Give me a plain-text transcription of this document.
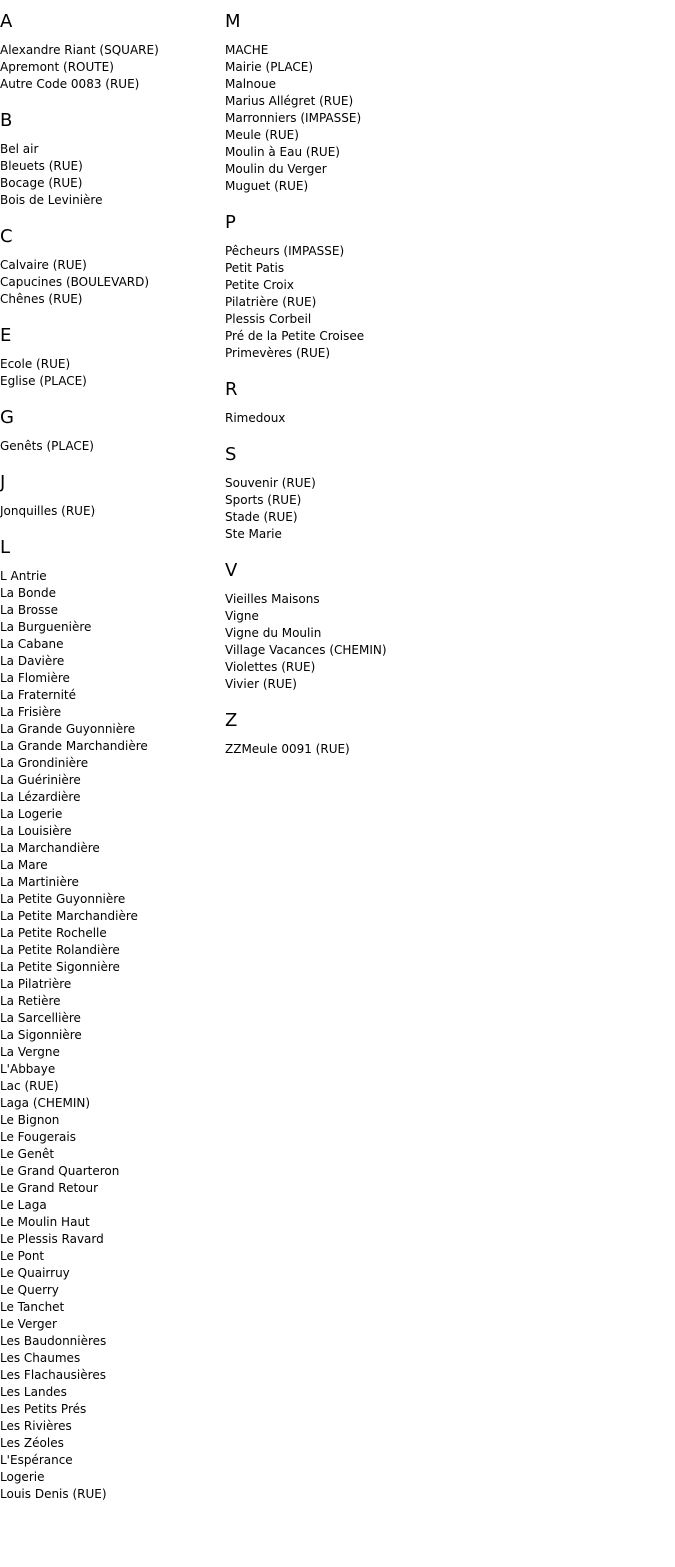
A
Alexandre Riant (SQUARE)
Apremont (ROUTE)
Autre Code 0083 (RUE)
B
Bel air
Bleuets (RUE)
Bocage (RUE)
Bois de Levinière
C
Calvaire (RUE)
Capucines (BOULEVARD)
Chênes (RUE)
E
Ecole (RUE)
Eglise (PLACE)
G
Genêts (PLACE)
J
Jonquilles (RUE)
L
L Antrie
La Bonde
La Brosse
La Burguenière
La Cabane
La Davière
La Flomière
La Fraternité
La Frisière
La Grande Guyonnière
La Grande Marchandière
La Grondinière
La Guérinière
La Lézardière
La Logerie
La Louisière
La Marchandière
La Mare
La Martinière
La Petite Guyonnière
La Petite Marchandière
La Petite Rochelle
La Petite Rolandière
La Petite Sigonnière
La Pilatrière
La Retière
La Sarcellière
La Sigonnière
La Vergne
L'Abbaye
Lac (RUE)
Laga (CHEMIN)
Le Bignon
Le Fougerais
Le Genêt
Le Grand Quarteron
Le Grand Retour
Le Laga
Le Moulin Haut
Le Plessis Ravard
Le Pont
Le Quairruy
Le Querry
Le Tanchet
Le Verger
Les Baudonnières
Les Chaumes
Les Flachausières
Les Landes
Les Petits Prés
Les Rivières
Les Zéoles
L'Espérance
Logerie
Louis Denis (RUE)
M
MACHE
Mairie (PLACE)
Malnoue
Marius Allégret (RUE)
Marronniers (IMPASSE)
Meule (RUE)
Moulin à Eau (RUE)
Moulin du Verger
Muguet (RUE)
P
Pêcheurs (IMPASSE)
Petit Patis
Petite Croix
Pilatrière (RUE)
Plessis Corbeil
Pré de la Petite Croisee
Primevères (RUE)
R
Rimedoux
S
Souvenir (RUE)
Sports (RUE)
Stade (RUE)
Ste Marie
V
Vieilles Maisons
Vigne
Vigne du Moulin
Village Vacances (CHEMIN)
Violettes (RUE)
Vivier (RUE)
Z
ZZMeule 0091 (RUE)
